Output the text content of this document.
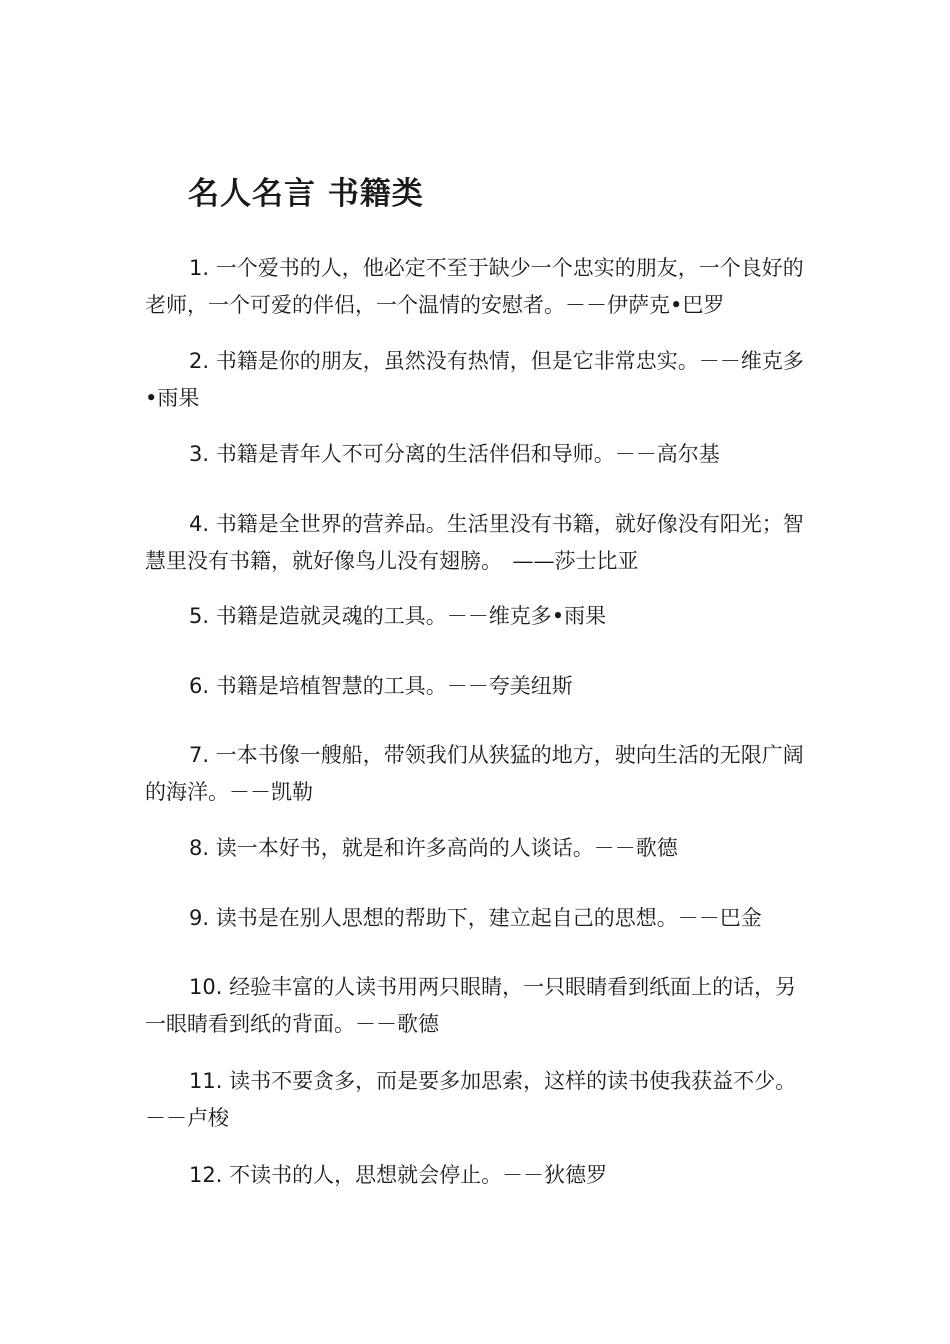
名人名言 书籍类

1. 一个爱书的人，他必定不至于缺少一个忠实的朋友，一个良好的老师，一个可爱的伴侣，一个温情的安慰者。－－伊萨克•巴罗

2. 书籍是你的朋友，虽然没有热情，但是它非常忠实。－－维克多•雨果

3. 书籍是青年人不可分离的生活伴侣和导师。－－高尔基

4. 书籍是全世界的营养品。生活里没有书籍，就好像没有阳光；智慧里没有书籍，就好像鸟儿没有翅膀。　——莎士比亚

5. 书籍是造就灵魂的工具。－－维克多•雨果

6. 书籍是培植智慧的工具。－－夸美纽斯

7. 一本书像一艘船，带领我们从狭猛的地方，驶向生活的无限广阔的海洋。－－凯勒

8. 读一本好书，就是和许多高尚的人谈话。－－歌德

9. 读书是在别人思想的帮助下，建立起自己的思想。－－巴金

10. 经验丰富的人读书用两只眼睛，一只眼睛看到纸面上的话，另一眼睛看到纸的背面。－－歌德

11. 读书不要贪多，而是要多加思索，这样的读书使我获益不少。－－卢梭

12. 不读书的人，思想就会停止。－－狄德罗
